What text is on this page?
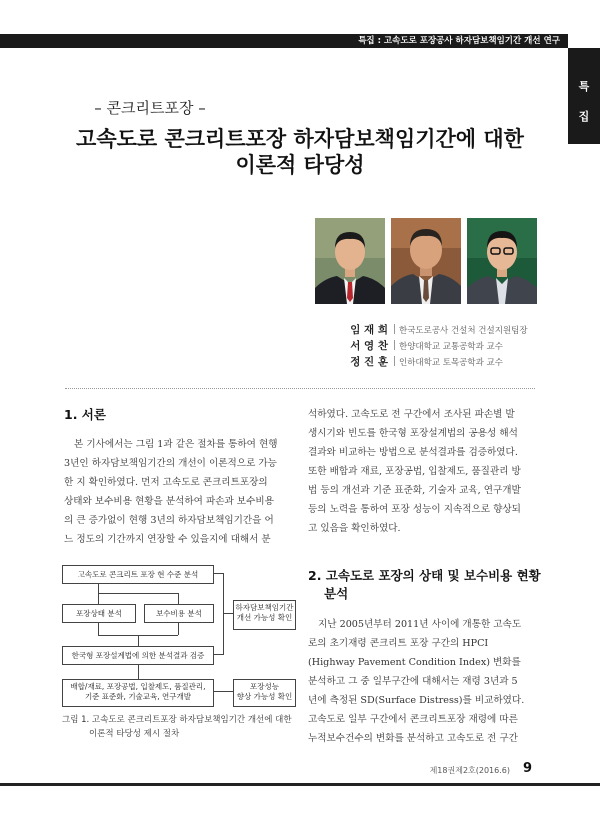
특집 : 고속도로 포장공사 하자담보책임기간 개선 연구
특
집
– 콘크리트포장 –
고속도로 콘크리트포장 하자담보책임기간에 대한
이론적 타당성
임 재 희 한국도로공사 건설처 건설지원팀장
서 영 찬 한양대학교 교통공학과 교수
정 진 훈 인하대학교 토목공학과 교수
1. 서론
본 기사에서는 그림 1과 같은 절차를 통하여 현행
3년인 하자담보책임기간의 개선이 이론적으로 가능
한 지 확인하였다. 먼저 고속도로 콘크리트포장의
상태와 보수비용 현황을 분석하여 파손과 보수비용
의 큰 증가없이 현행 3년의 하자담보책임기간을 어
느 정도의 기간까지 연장할 수 있을지에 대해서 분
고속도로 콘크리트 포장 현 수준 분석
포장상태 분석	보수비용 분석
하자담보책임기간
개선 가능성 확인
한국형 포장설계법에 의한 분석결과 검증
배합/재료, 포장공법, 입찰제도, 품질관리,
기준 표준화, 기술교육, 연구개발
포장성능
향상 가능성 확인
그림 1. 고속도로 콘크리트포장 하자담보책임기간 개선에 대한
이론적 타당성 제시 절차
석하였다. 고속도로 전 구간에서 조사된 파손별 발
생시기와 빈도를 한국형 포장설계법의 공용성 해석
결과와 비교하는 방법으로 분석결과를 검증하였다.
또한 배합과 재료, 포장공법, 입찰제도, 품질관리 방
법 등의 개선과 기준 표준화, 기술자 교육, 연구개발
등의 노력을 통하여 포장 성능이 지속적으로 향상되
고 있음을 확인하였다.
2. 고속도로 포장의 상태 및 보수비용 현황
분석
지난 2005년부터 2011년 사이에 개통한 고속도
로의 초기재령 콘크리트 포장 구간의 HPCI
(Highway Pavement Condition Index) 변화를
분석하고 그 중 일부구간에 대해서는 재령 3년과 5
년에 측정된 SD(Surface Distress)를 비교하였다.
고속도로 일부 구간에서 콘크리트포장 재령에 따른
누적보수건수의 변화를 분석하고 고속도로 전 구간
제18권제2호(2016.6) 9
